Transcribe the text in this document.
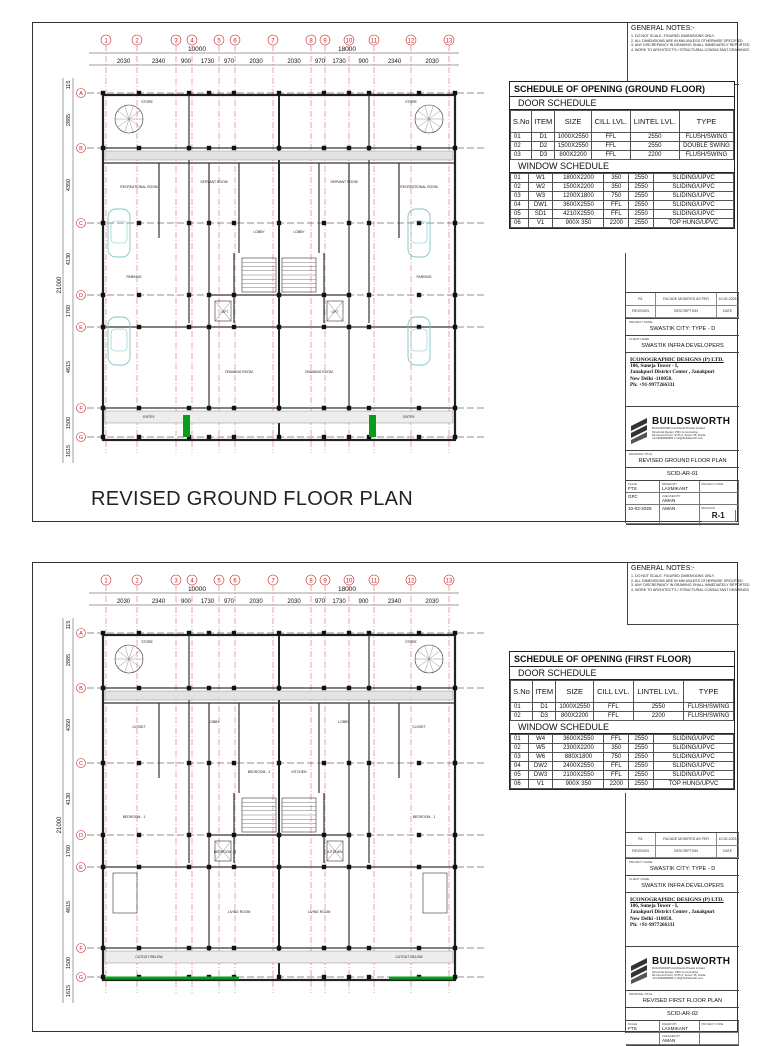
10000	18000
2030	2340	900 1730 970	2030	2030 970 1730 900	2340	2030
1	2	3 4	5 6	7	8 9	10	11	12	13
A
B
C
D
E
F
G
115
2885
4350
4130
1760
4615
1500
1615
21000	PARKING	PARKING
LOBBY
LIFT	LIFT
LOBBY
DRAWING ROOM	DRAWING ROOM
SERVANT ROOM	SERVANT ROOM
RECREATIONAL ROOM	RECREATIONAL ROOM
ENTRY	ENTRY
STORE	STORE
REVISED GROUND FLOOR PLAN
GENERAL NOTES:-
1. DO NOT SCALE. FIGURED DIMENSIONS ONLY.
2. ALL DIMENSIONS ARE IN MM UNLESS OTHERWISE SPECIFIED.
3. ANY DISCREPANCY IN DRAWING SHALL IMMEDIATELY REPORTED
4. WORK TO ARCHITECT'S / STRUCTURAL CONSULTANT DRAWINGS
SCHEDULE OF OPENING (GROUND FLOOR)
DOOR SCHEDULE
S.No	ITEM	SIZE	CILL LVL.	LINTEL LVL.	TYPE
01	D1	1000X2550	FFL	2550	FLUSH/SWING
02	D2	1500X2550	FFL	2550	DOUBLE SWING
03	D3	800X2200	FFL	2200	FLUSH/SWING
WINDOW SCHEDULE
01	W1	1800X2200	350	2550	SLIDING/UPVC
02	W2	1500X2200	350	2550	SLIDING/UPVC
03	W3	1200X1800	750	2550	SLIDING/UPVC
04	DW1	3600X2550	FFL	2550	SLIDING/UPVC
05	SD1	4210X2550	FFL	2550	SLIDING/UPVC
06	V1	900X 350	2200	2550	TOP HUNG/UPVC
R1	FACADE MODIFIED AS PER	10-02-2025
REVISION	DESCRIPTION	DATE
PROJECT NAME
SWASTIK CITY: TYPE - D
CLIENT NAME
SWASTIK INFRA DEVELOPERS
ICONOGRAPHIC DESIGNS (P) LTD.
106, Suneja Tower - I,
Janakpuri District Center , Janakpuri
New Delhi -110058.
Ph: +91-9977266331
BUILDSWORTH
BUILDSWORTH Architects Private Limited
Structural Design, PMC & Consulting
#A-Ground Floor, STPI-4, Sector 35, Noida
+91-9999999999 | info@buildsworth.com
DRAWING TITLE
REVISED GROUND FLOOR PLAN
SCID-AR-01
SCALE
FTS
DRAWN BY
LAXMIKANT
PROJECT CODE
GFC	CHECKED BY
AMAN
10-02-2025	AMAN	REVISION
R-1
10000	18000
2030	2340	900 1730 970	2030	2030 970 1730 900	2340	2030
1	2	3 4	5 6	7	8 9	10	11	12	13
A
B
C
D
E
F
G
115
2885
4350
4130
1760
4615
1500
1615
21000	BEDROOM - 1	BEDROOM - 1
BEDROOM - 2
BEDROOM - 2	KITCHEN
KITCHEN
LIVING ROOM	LIVING ROOM
LOBBY	LOBBY
CLOSET	CLOSET
CUTOUT BELOW	CUTOUT BELOW
STORE	STORE
GENERAL NOTES:-
1. DO NOT SCALE. FIGURED DIMENSIONS ONLY.
2. ALL DIMENSIONS ARE IN MM UNLESS OTHERWISE SPECIFIED.
3. ANY DISCREPANCY IN DRAWING SHALL IMMEDIATELY REPORTED
4. WORK TO ARCHITECT'S / STRUCTURAL CONSULTANT DRAWINGS
SCHEDULE OF OPENING (FIRST FLOOR)
DOOR SCHEDULE
S.No	ITEM	SIZE	CILL LVL.	LINTEL LVL.	TYPE
01	D1	1000X2550	FFL	2550	FLUSH/SWING
02	D3	800X2200	FFL	2200	FLUSH/SWING
WINDOW SCHEDULE
01	W4	3600X2550	FFL	2550	SLIDING/UPVC
02	W5	2300X2200	350	2550	SLIDING/UPVC
03	W6	880X1800	750	2550	SLIDING/UPVC
04	DW2	2400X2550	FFL	2550	SLIDING/UPVC
05	DW3	2100X2550	FFL	2550	SLIDING/UPVC
06	V1	900X 350	2200	2550	TOP HUNG/UPVC
R1	FACADE MODIFIED AS PER	10-02-2025
REVISION	DESCRIPTION	DATE
PROJECT NAME
SWASTIK CITY: TYPE - D
CLIENT NAME
SWASTIK INFRA DEVELOPERS
ICONOGRAPHIC DESIGNS (P) LTD.
106, Suneja Tower - I,
Janakpuri District Center , Janakpuri
New Delhi -110058.
Ph: +91-9977266331
BUILDSWORTH
BUILDSWORTH Architects Private Limited
Structural Design, PMC & Consulting
#A-Ground Floor, STPI-4, Sector 35, Noida
+91-9999999999 | info@buildsworth.com
DRAWING TITLE
REVISED FIRST FLOOR PLAN
SCID-AR-02
SCALE
FTS
DRAWN BY
LAXMIKANT
PROJECT CODE
CHECKED BY
AMAN
